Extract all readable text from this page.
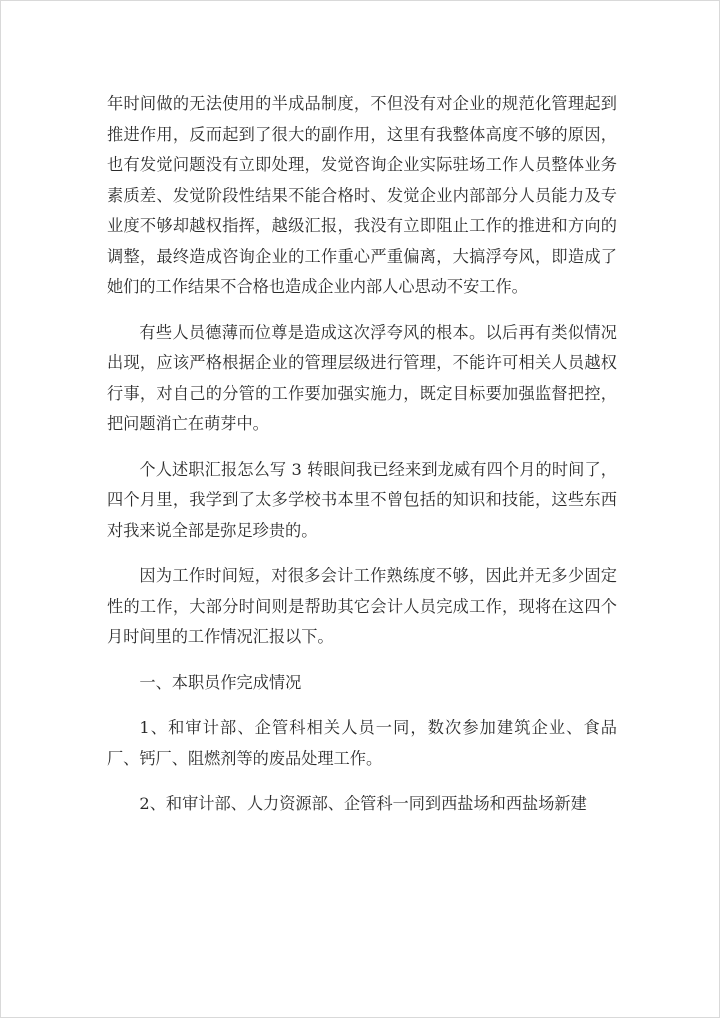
年时间做的无法使用的半成品制度，不但没有对企业的规范化管理起到推进作用，反而起到了很大的副作用，这里有我整体高度不够的原因，也有发觉问题没有立即处理，发觉咨询企业实际驻场工作人员整体业务素质差、发觉阶段性结果不能合格时、发觉企业内部部分人员能力及专业度不够却越权指挥，越级汇报，我没有立即阻止工作的推进和方向的调整，最终造成咨询企业的工作重心严重偏离，大搞浮夸风，即造成了她们的工作结果不合格也造成企业内部人心思动不安工作。

有些人员德薄而位尊是造成这次浮夸风的根本。以后再有类似情况出现，应该严格根据企业的管理层级进行管理，不能许可相关人员越权行事，对自己的分管的工作要加强实施力，既定目标要加强监督把控，把问题消亡在萌芽中。

个人述职汇报怎么写 3 转眼间我已经来到龙威有四个月的时间了，四个月里，我学到了太多学校书本里不曾包括的知识和技能，这些东西对我来说全部是弥足珍贵的。

因为工作时间短，对很多会计工作熟练度不够，因此并无多少固定性的工作，大部分时间则是帮助其它会计人员完成工作，现将在这四个月时间里的工作情况汇报以下。

一、本职员作完成情况

1、和审计部、企管科相关人员一同，数次参加建筑企业、食品厂、钙厂、阻燃剂等的废品处理工作。

2、和审计部、人力资源部、企管科一同到西盐场和西盐场新建
